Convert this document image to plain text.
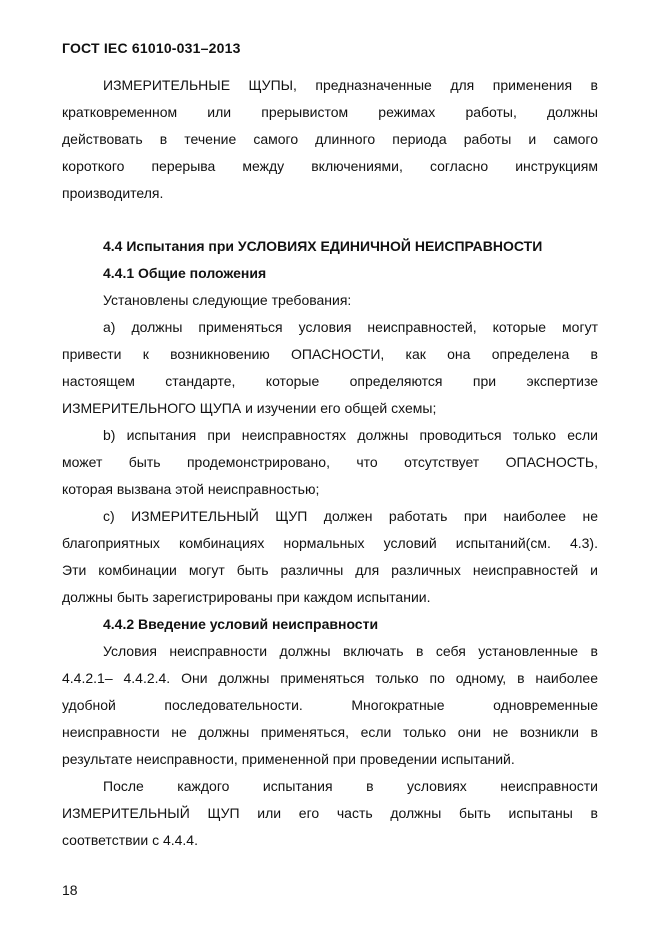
ГОСТ IEC 61010-031–2013
ИЗМЕРИТЕЛЬНЫЕ ЩУПЫ, предназначенные для применения в
кратковременном или прерывистом режимах работы, должны
действовать в течение самого длинного периода работы и самого
короткого перерыва между включениями, согласно инструкциям
производителя.
4.4 Испытания при УСЛОВИЯХ ЕДИНИЧНОЙ НЕИСПРАВНОСТИ
4.4.1 Общие положения
Установлены следующие требования:
a) должны применяться условия неисправностей, которые могут
привести к возникновению ОПАСНОСТИ, как она определена в
настоящем стандарте, которые определяются при экспертизе
ИЗМЕРИТЕЛЬНОГО ЩУПА и изучении его общей схемы;
b) испытания при неисправностях должны проводиться только если
может быть продемонстрировано, что отсутствует ОПАСНОСТЬ,
которая вызвана этой неисправностью;
c) ИЗМЕРИТЕЛЬНЫЙ ЩУП должен работать при наиболее не
благоприятных комбинациях нормальных условий испытаний(см. 4.3).
Эти комбинации могут быть различны для различных неисправностей и
должны быть зарегистрированы при каждом испытании.
4.4.2 Введение условий неисправности
Условия неисправности должны включать в себя установленные в
4.4.2.1– 4.4.2.4. Они должны применяться только по одному, в наиболее
удобной последовательности. Многократные одновременные
неисправности не должны применяться, если только они не возникли в
результате неисправности, примененной при проведении испытаний.
После каждого испытания в условиях неисправности
ИЗМЕРИТЕЛЬНЫЙ ЩУП или его часть должны быть испытаны в
соответствии с 4.4.4.
18
